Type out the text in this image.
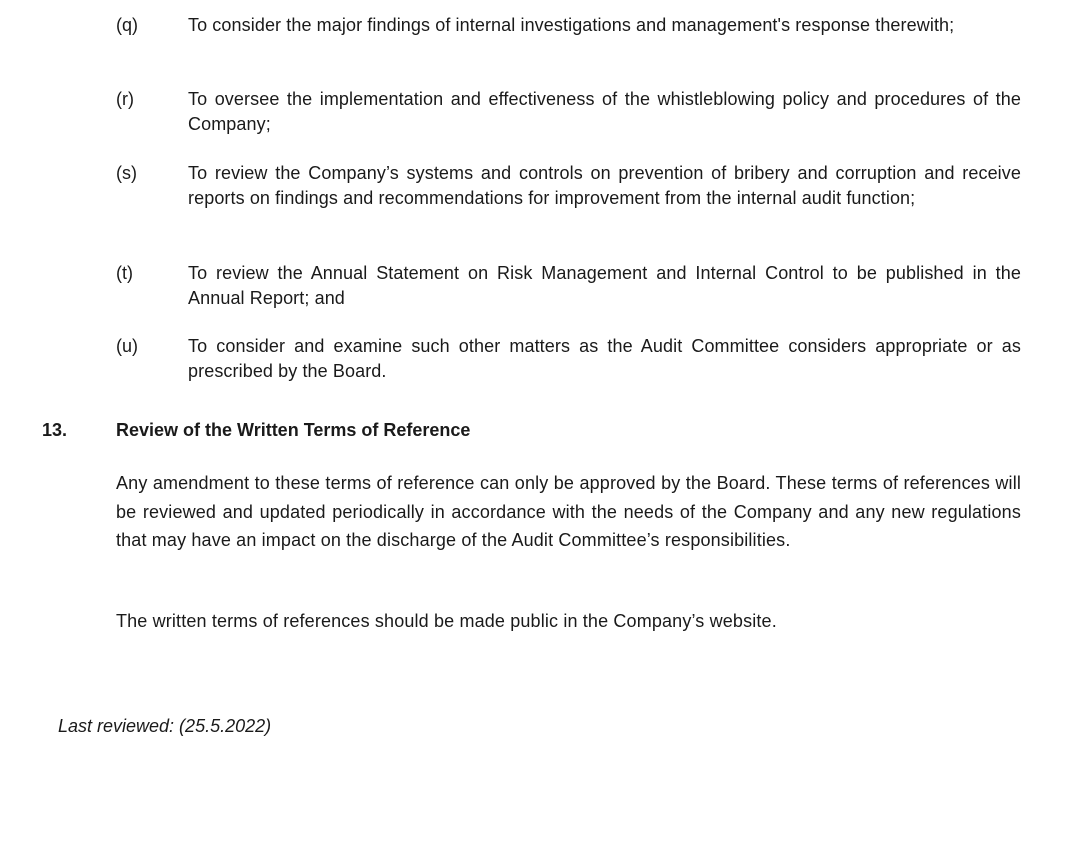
(q)	To consider the major findings of internal investigations and management's response therewith;
(r)	To oversee the implementation and effectiveness of the whistleblowing policy and procedures of the Company;
(s)	To review the Company’s systems and controls on prevention of bribery and corruption and receive reports on findings and recommendations for improvement from the internal audit function;
(t)	To review the Annual Statement on Risk Management and Internal Control to be published in the Annual Report; and
(u)	To consider and examine such other matters as the Audit Committee considers appropriate or as prescribed by the Board.
13.	Review of the Written Terms of Reference
Any amendment to these terms of reference can only be approved by the Board. These terms of references will be reviewed and updated periodically in accordance with the needs of the Company and any new regulations that may have an impact on the discharge of the Audit Committee’s responsibilities.
The written terms of references should be made public in the Company’s website.
Last reviewed: (25.5.2022)
